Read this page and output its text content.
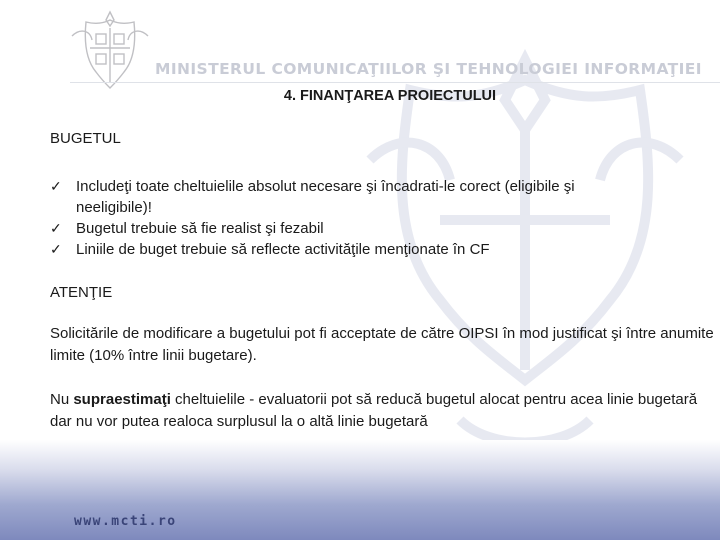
MINISTERUL COMUNICAŢIILOR ŞI TEHNOLOGIEI INFORMAŢIEI
4. FINANŢAREA PROIECTULUI
BUGETUL
✓ Includeţi toate cheltuielile absolut necesare şi încadrati-le corect (eligibile şi
neeligibile)!
✓ Bugetul trebuie să fie realist şi fezabil
✓ Liniile de buget trebuie să reflecte activităţile menţionate în CF
ATENŢIE
Solicitările de modificare a bugetului pot fi acceptate de către OIPSI în mod justificat şi între anumite limite (10% între linii bugetare).
Nu supraestimaţi cheltuielile - evaluatorii pot să reducă bugetul alocat pentru acea linie bugetară dar nu vor putea realoca surplusul la o altă linie bugetară
www.mcti.ro
